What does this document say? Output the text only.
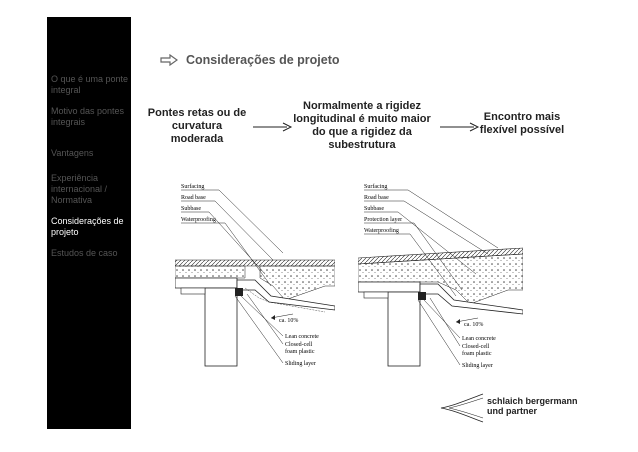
O que é uma ponte integral
Motivo das pontes integrais
Vantagens
Experiência internacional / Normativa
Considerações de projeto
Estudos de caso
Considerações de projeto
Pontes retas ou de curvatura moderada
Normalmente a rigidez longitudinal é muito maior do que a rigidez da subestrutura
Encontro mais flexível possível
Surfacing
Road base
Subbase
Waterproofing
ca. 10%
Lean concrete
Closed-cell
foam plastic
Sliding layer
Surfacing
Road base
Subbase
Protection layer
Waterproofing
ca. 10%
Lean concrete
Closed-cell
foam plastic
Sliding layer
schlaich bergermann
und partner
